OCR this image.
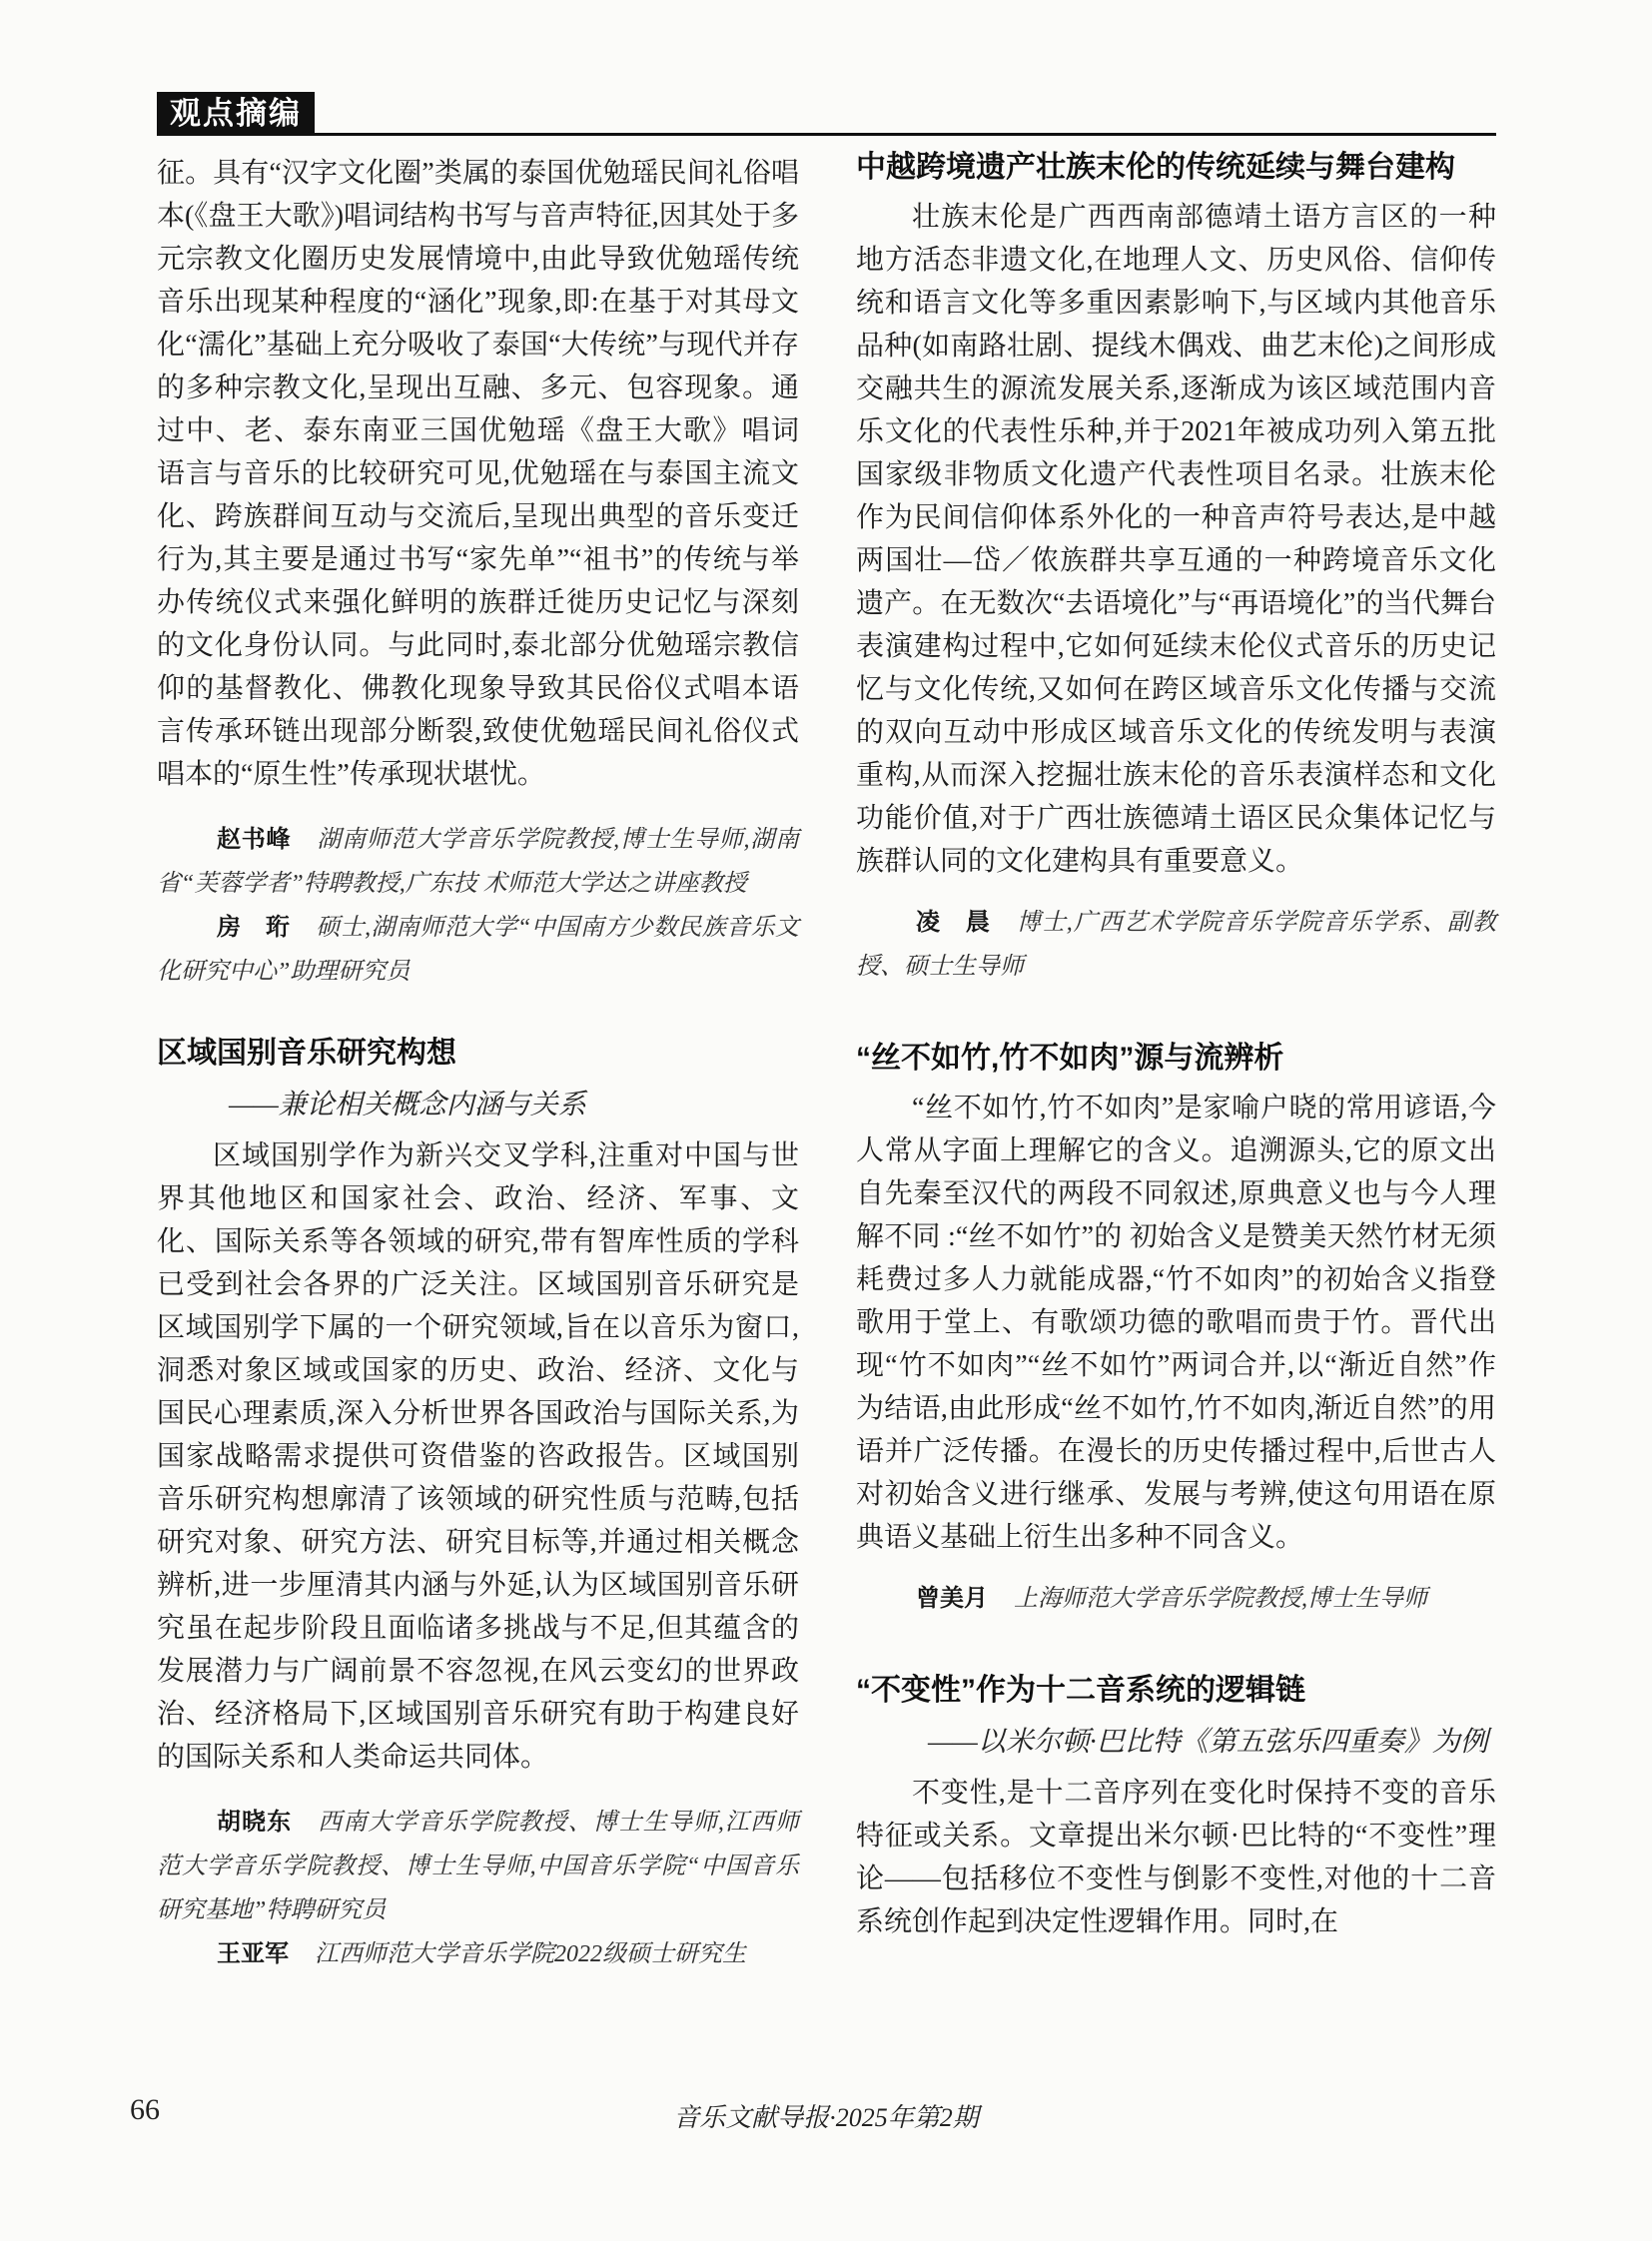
观点摘编

征。具有“汉字文化圈”类属的泰国优勉瑶民间礼俗唱本(《盘王大歌》)唱词结构书写与音声特征,因其处于多元宗教文化圈历史发展情境中,由此导致优勉瑶传统音乐出现某种程度的“涵化”现象,即:在基于对其母文化“濡化”基础上充分吸收了泰国“大传统”与现代并存的多种宗教文化,呈现出互融、多元、包容现象。通过中、老、泰东南亚三国优勉瑶《盘王大歌》唱词语言与音乐的比较研究可见,优勉瑶在与泰国主流文化、跨族群间互动与交流后,呈现出典型的音乐变迁行为,其主要是通过书写“家先单”“祖书”的传统与举办传统仪式来强化鲜明的族群迁徙历史记忆与深刻的文化身份认同。与此同时,泰北部分优勉瑶宗教信仰的基督教化、佛教化现象导致其民俗仪式唱本语言传承环链出现部分断裂,致使优勉瑶民间礼俗仪式唱本的“原生性”传承现状堪忧。

赵书峰 湖南师范大学音乐学院教授,博士生导师,湖南省“芙蓉学者”特聘教授,广东技 术师范大学达之讲座教授

房　珩 硕士,湖南师范大学“中国南方少数民族音乐文化研究中心”助理研究员

区域国别音乐研究构想

——兼论相关概念内涵与关系

区域国别学作为新兴交叉学科,注重对中国与世界其他地区和国家社会、政治、经济、军事、文化、国际关系等各领域的研究,带有智库性质的学科已受到社会各界的广泛关注。区域国别音乐研究是区域国别学下属的一个研究领域,旨在以音乐为窗口,洞悉对象区域或国家的历史、政治、经济、文化与国民心理素质,深入分析世界各国政治与国际关系,为国家战略需求提供可资借鉴的咨政报告。区域国别音乐研究构想廓清了该领域的研究性质与范畴,包括研究对象、研究方法、研究目标等,并通过相关概念辨析,进一步厘清其内涵与外延,认为区域国别音乐研究虽在起步阶段且面临诸多挑战与不足,但其蕴含的发展潜力与广阔前景不容忽视,在风云变幻的世界政治、经济格局下,区域国别音乐研究有助于构建良好的国际关系和人类命运共同体。

胡晓东 西南大学音乐学院教授、博士生导师,江西师范大学音乐学院教授、博士生导师,中国音乐学院“中国音乐研究基地”特聘研究员

王亚军 江西师范大学音乐学院2022级硕士研究生

中越跨境遗产壮族末伦的传统延续与舞台建构

壮族末伦是广西西南部德靖土语方言区的一种地方活态非遗文化,在地理人文、历史风俗、信仰传统和语言文化等多重因素影响下,与区域内其他音乐品种(如南路壮剧、提线木偶戏、曲艺末伦)之间形成交融共生的源流发展关系,逐渐成为该区域范围内音乐文化的代表性乐种,并于2021年被成功列入第五批国家级非物质文化遗产代表性项目名录。壮族末伦作为民间信仰体系外化的一种音声符号表达,是中越两国壮—岱／侬族群共享互通的一种跨境音乐文化遗产。在无数次“去语境化”与“再语境化”的当代舞台表演建构过程中,它如何延续末伦仪式音乐的历史记忆与文化传统,又如何在跨区域音乐文化传播与交流的双向互动中形成区域音乐文化的传统发明与表演重构,从而深入挖掘壮族末伦的音乐表演样态和文化功能价值,对于广西壮族德靖土语区民众集体记忆与族群认同的文化建构具有重要意义。

凌　晨 博士,广西艺术学院音乐学院音乐学系、副教授、硕士生导师

“丝不如竹,竹不如肉”源与流辨析

“丝不如竹,竹不如肉”是家喻户晓的常用谚语,今人常从字面上理解它的含义。追溯源头,它的原文出自先秦至汉代的两段不同叙述,原典意义也与今人理解不同 :“丝不如竹”的 初始含义是赞美天然竹材无须耗费过多人力就能成器,“竹不如肉”的初始含义指登歌用于堂上、有歌颂功德的歌唱而贵于竹。晋代出现“竹不如肉”“丝不如竹”两词合并,以“渐近自然”作为结语,由此形成“丝不如竹,竹不如肉,渐近自然”的用语并广泛传播。在漫长的历史传播过程中,后世古人对初始含义进行继承、发展与考辨,使这句用语在原典语义基础上衍生出多种不同含义。

曾美月 上海师范大学音乐学院教授,博士生导师

“不变性”作为十二音系统的逻辑链

——以米尔顿·巴比特《第五弦乐四重奏》为例

不变性,是十二音序列在变化时保持不变的音乐特征或关系。文章提出米尔顿·巴比特的“不变性”理论——包括移位不变性与倒影不变性,对他的十二音系统创作起到决定性逻辑作用。同时,在

66	音乐文献导报·2025年第2期
